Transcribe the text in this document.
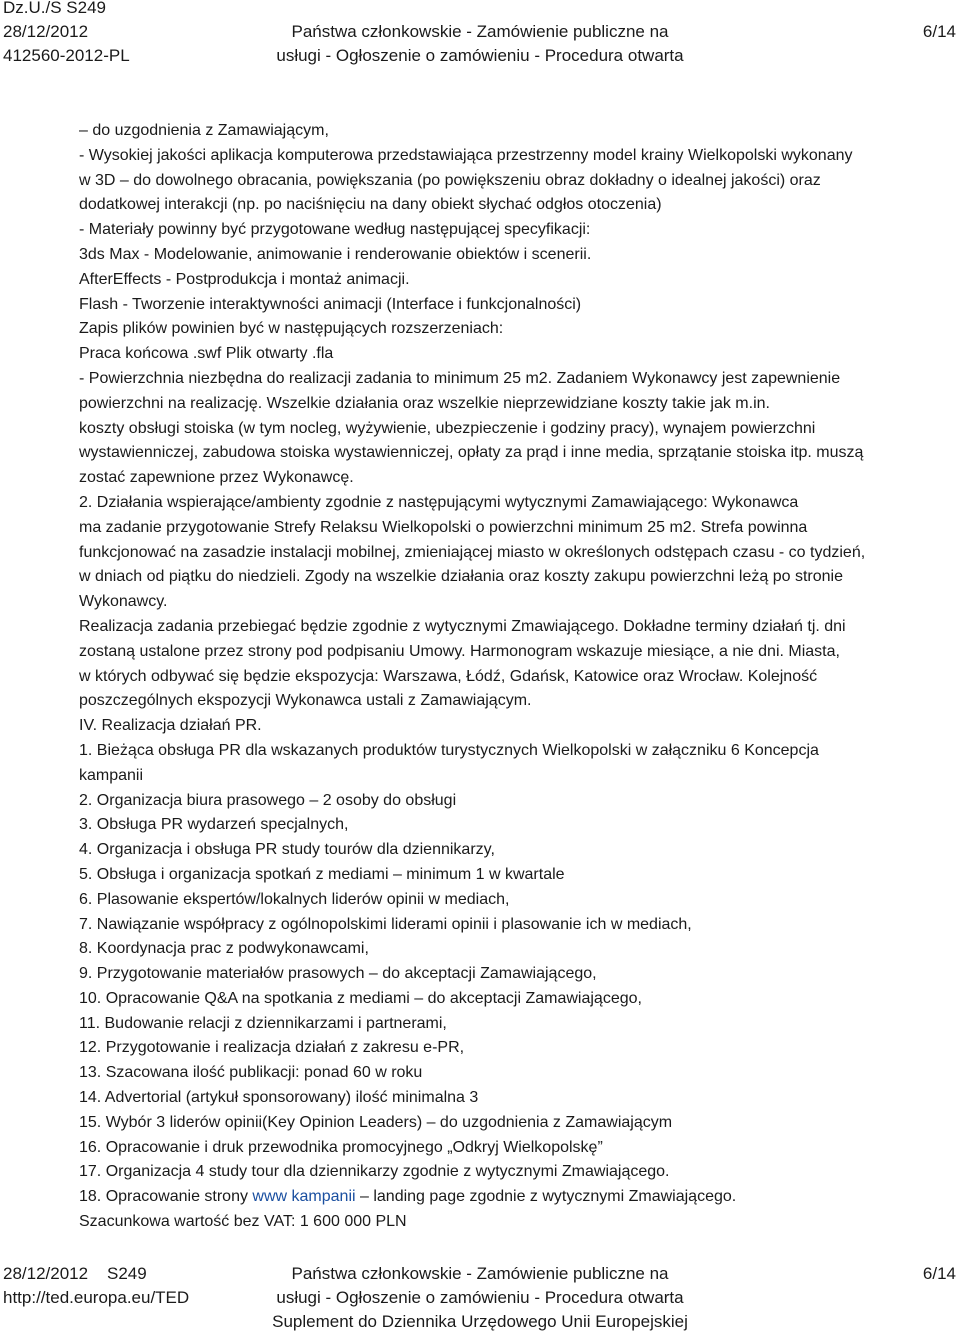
Dz.U./S S249
28/12/2012
412560-2012-PL
Państwa członkowskie - Zamówienie publiczne na
usługi - Ogłoszenie o zamówieniu - Procedura otwarta
6/14
– do uzgodnienia z Zamawiającym,
- Wysokiej jakości aplikacja komputerowa przedstawiająca przestrzenny model krainy Wielkopolski wykonany
w 3D – do dowolnego obracania, powiększania (po powiększeniu obraz dokładny o idealnej jakości) oraz
dodatkowej interakcji (np. po naciśnięciu na dany obiekt słychać odgłos otoczenia)
- Materiały powinny być przygotowane według następującej specyfikacji:
3ds Max - Modelowanie, animowanie i renderowanie obiektów i scenerii.
AfterEffects - Postprodukcja i montaż animacji.
Flash - Tworzenie interaktywności animacji (Interface i funkcjonalności)
Zapis plików powinien być w następujących rozszerzeniach:
Praca końcowa .swf Plik otwarty .fla
- Powierzchnia niezbędna do realizacji zadania to minimum 25 m2. Zadaniem Wykonawcy jest zapewnienie
powierzchni na realizację. Wszelkie działania oraz wszelkie nieprzewidziane koszty takie jak m.in.
koszty obsługi stoiska (w tym nocleg, wyżywienie, ubezpieczenie i godziny pracy), wynajem powierzchni
wystawienniczej, zabudowa stoiska wystawienniczej, opłaty za prąd i inne media, sprzątanie stoiska itp. muszą
zostać zapewnione przez Wykonawcę.
2. Działania wspierające/ambienty zgodnie z następującymi wytycznymi Zamawiającego: Wykonawca
ma zadanie przygotowanie Strefy Relaksu Wielkopolski o powierzchni minimum 25 m2. Strefa powinna
funkcjonować na zasadzie instalacji mobilnej, zmieniającej miasto w określonych odstępach czasu - co tydzień,
w dniach od piątku do niedzieli. Zgody na wszelkie działania oraz koszty zakupu powierzchni leżą po stronie
Wykonawcy.
Realizacja zadania przebiegać będzie zgodnie z wytycznymi Zmawiającego. Dokładne terminy działań tj. dni
zostaną ustalone przez strony pod podpisaniu Umowy. Harmonogram wskazuje miesiące, a nie dni. Miasta,
w których odbywać się będzie ekspozycja: Warszawa, Łódź, Gdańsk, Katowice oraz Wrocław. Kolejność
poszczególnych ekspozycji Wykonawca ustali z Zamawiającym.
IV. Realizacja działań PR.
1. Bieżąca obsługa PR dla wskazanych produktów turystycznych Wielkopolski w załączniku 6 Koncepcja
kampanii
2. Organizacja biura prasowego – 2 osoby do obsługi
3. Obsługa PR wydarzeń specjalnych,
4. Organizacja i obsługa PR study tourów dla dziennikarzy,
5. Obsługa i organizacja spotkań z mediami – minimum 1 w kwartale
6. Plasowanie ekspertów/lokalnych liderów opinii w mediach,
7. Nawiązanie współpracy z ogólnopolskimi liderami opinii i plasowanie ich w mediach,
8. Koordynacja prac z podwykonawcami,
9. Przygotowanie materiałów prasowych – do akceptacji Zamawiającego,
10. Opracowanie Q&A na spotkania z mediami – do akceptacji Zamawiającego,
11. Budowanie relacji z dziennikarzami i partnerami,
12. Przygotowanie i realizacja działań z zakresu e-PR,
13. Szacowana ilość publikacji: ponad 60 w roku
14. Advertorial (artykuł sponsorowany) ilość minimalna 3
15. Wybór 3 liderów opinii(Key Opinion Leaders) – do uzgodnienia z Zamawiającym
16. Opracowanie i druk przewodnika promocyjnego „Odkryj Wielkopolskę”
17. Organizacja 4 study tour dla dziennikarzy zgodnie z wytycznymi Zmawiającego.
18. Opracowanie strony www kampanii – landing page zgodnie z wytycznymi Zmawiającego.
Szacunkowa wartość bez VAT: 1 600 000 PLN
28/12/2012 S249
http://ted.europa.eu/TED
Państwa członkowskie - Zamówienie publiczne na
usługi - Ogłoszenie o zamówieniu - Procedura otwarta
Suplement do Dziennika Urzędowego Unii Europejskiej
6/14
